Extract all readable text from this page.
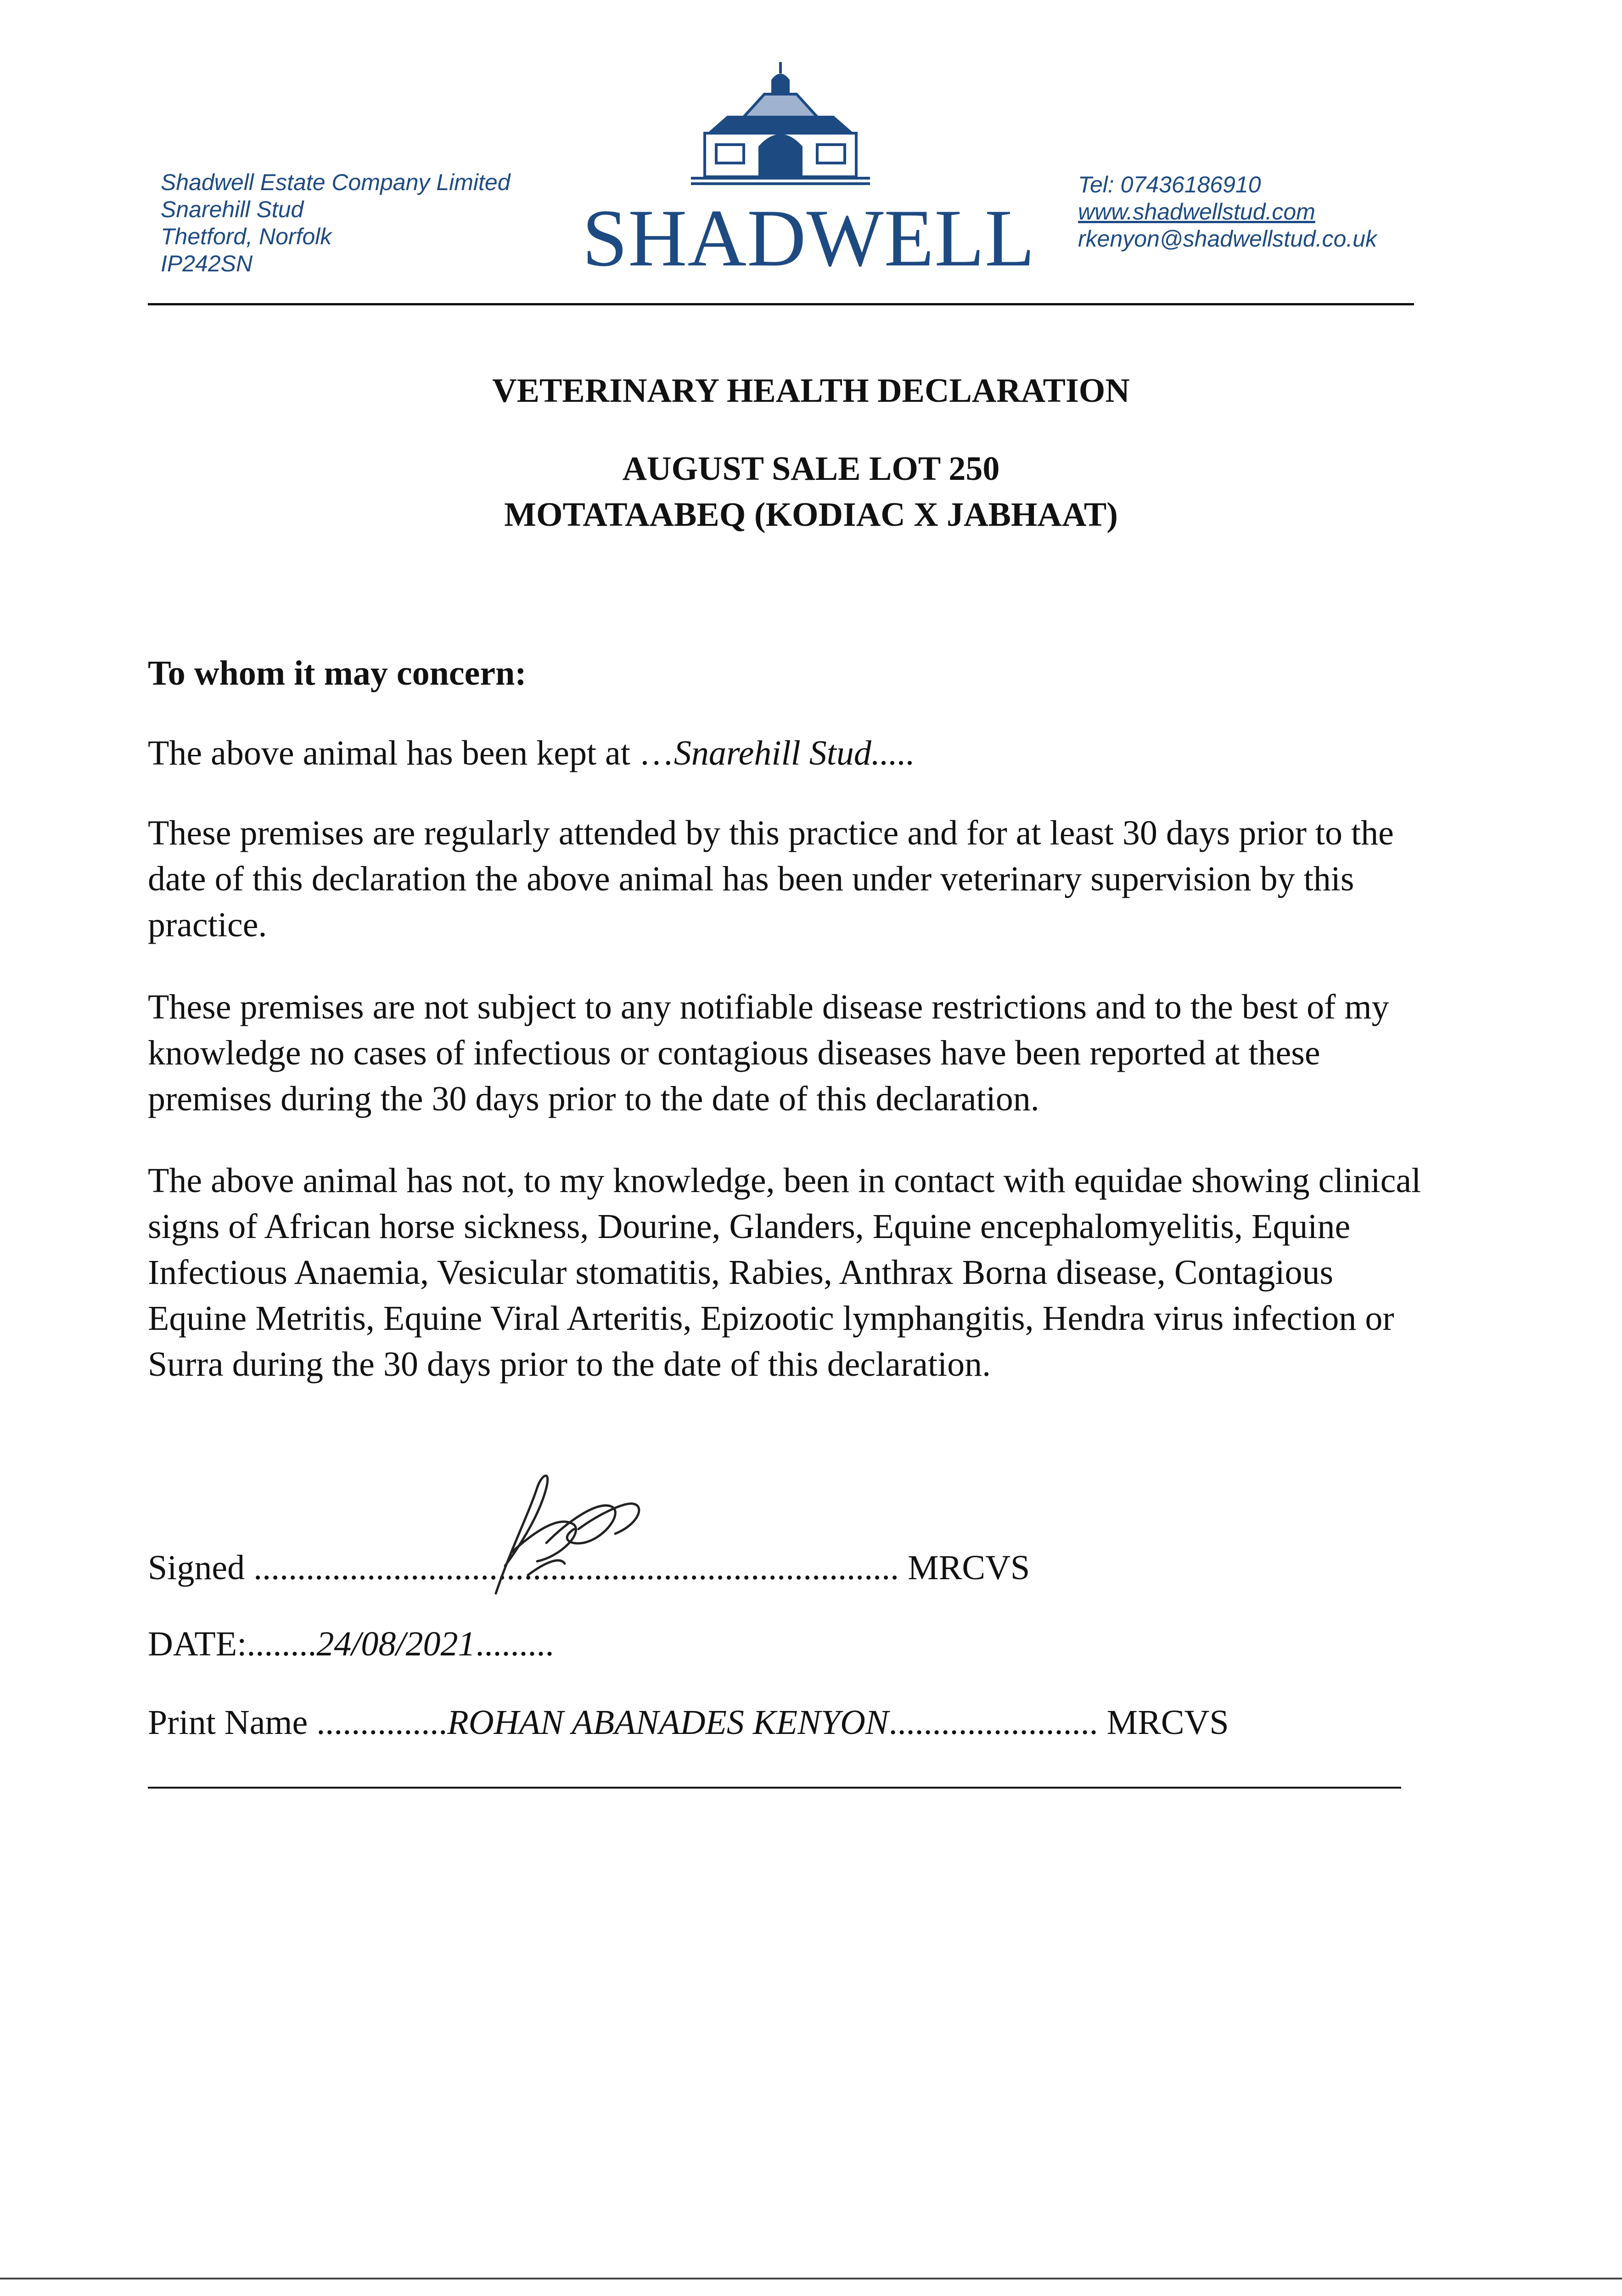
Shadwell Estate Company Limited
Snarehill Stud
Thetford, Norfolk
IP242SN	SHADWELL
Tel: 07436186910
www.shadwellstud.com
rkenyon@shadwellstud.co.uk
VETERINARY HEALTH DECLARATION
AUGUST SALE LOT 250
MOTATAABEQ (KODIAC X JABHAAT)
To whom it may concern:
The above animal has been kept at …Snarehill Stud.....
These premises are regularly attended by this practice and for at least 30 days prior to the date of this declaration the above animal has been under veterinary supervision by this practice.
These premises are not subject to any notifiable disease restrictions and to the best of my knowledge no cases of infectious or contagious diseases have been reported at these premises during the 30 days prior to the date of this declaration.
The above animal has not, to my knowledge, been in contact with equidae showing clinical signs of African horse sickness, Dourine, Glanders, Equine encephalomyelitis, Equine Infectious Anaemia, Vesicular stomatitis, Rabies, Anthrax Borna disease, Contagious Equine Metritis, Equine Viral Arteritis, Epizootic lymphangitis, Hendra virus infection or Surra during the 30 days prior to the date of this declaration.
Signed .......................................................................... MRCVS
DATE:........24/08/2021.........
Print Name ...............ROHAN ABANADES KENYON........................ MRCVS
